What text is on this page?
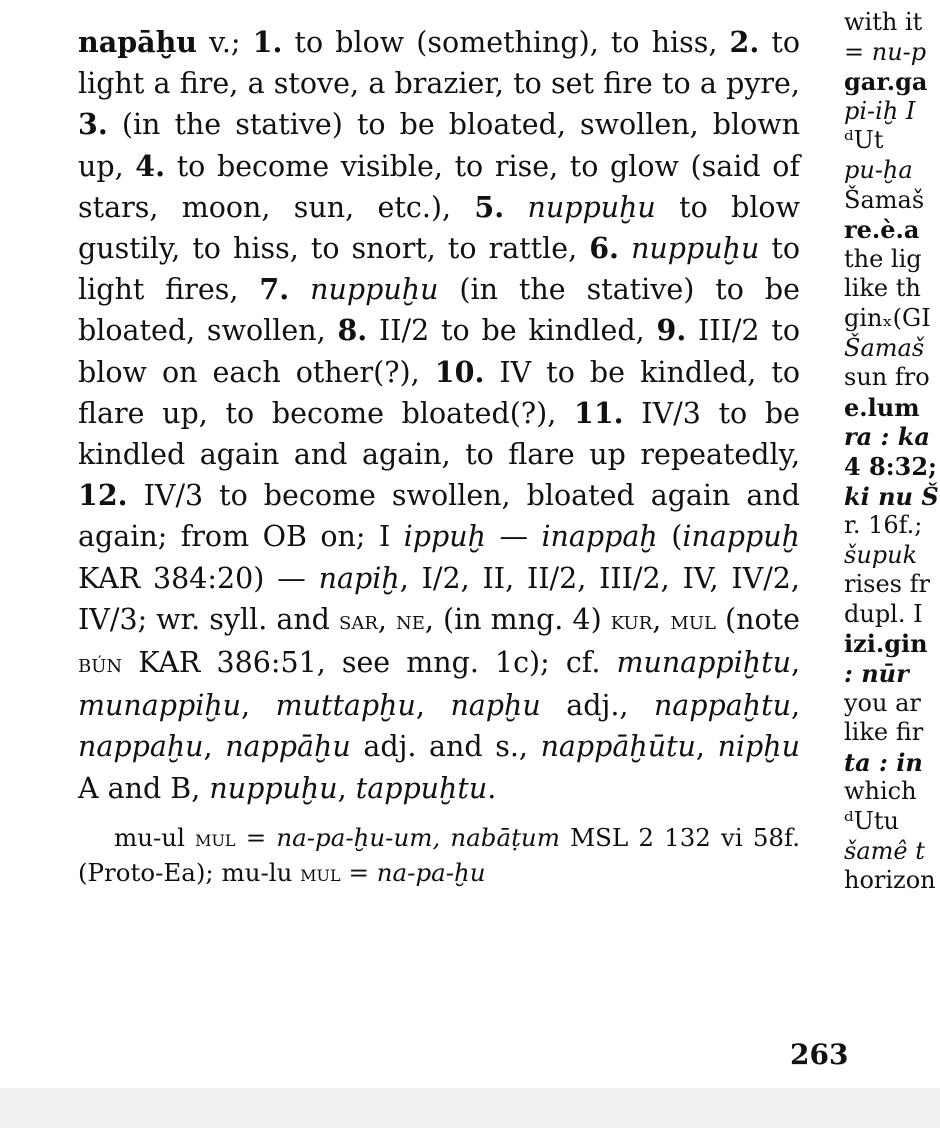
napāḫu v.; 1. to blow (something), to hiss, 2. to light a fire, a stove, a brazier, to set fire to a pyre, 3. (in the stative) to be bloated, swollen, blown up, 4. to become visible, to rise, to glow (said of stars, moon, sun, etc.), 5. nuppuḫu to blow gustily, to hiss, to snort, to rattle, 6. nuppuḫu to light fires, 7. nuppuḫu (in the stative) to be bloated, swollen, 8. II/2 to be kindled, 9. III/2 to blow on each other(?), 10. IV to be kindled, to flare up, to become bloated(?), 11. IV/3 to be kindled again and again, to flare up repeatedly, 12. IV/3 to become swollen, bloated again and again; from OB on; I ippuḫ — inappaḫ (inappuḫ KAR 384:20) — napiḫ, I/2, II, II/2, III/2, IV, IV/2, IV/3; wr. syll. and sar, ne, (in mng. 4) kur, mul (note bún KAR 386:51, see mng. 1c); cf. munappiḫtu, munappiḫu, muttapḫu, napḫu adj., nappaḫtu, nappaḫu, nappāḫu adj. and s., nappāḫūtu, nipḫu A and B, nuppuḫu, tappuḫtu.

mu-ul mul = na-pa-ḫu-um, nabāṭum MSL 2 132 vi 58f. (Proto-Ea); mu-lu mul = na-pa-ḫu

with it
= nu-p
gar.ga
pi-iḫ I
ᵈUt
pu-ḫa
Šamaš
re.è.a
the lig
like th
ginₓ(GI
Šamaš
sun fro
e.lum
ra : ka
4 8:32;
ki nu Š
r. 16f.;
šupuk
rises fr
dupl. I
izi.gin
: nūr
you ar
like fir
ta : in
which
ᵈUtu
šamê t
horizon
263
